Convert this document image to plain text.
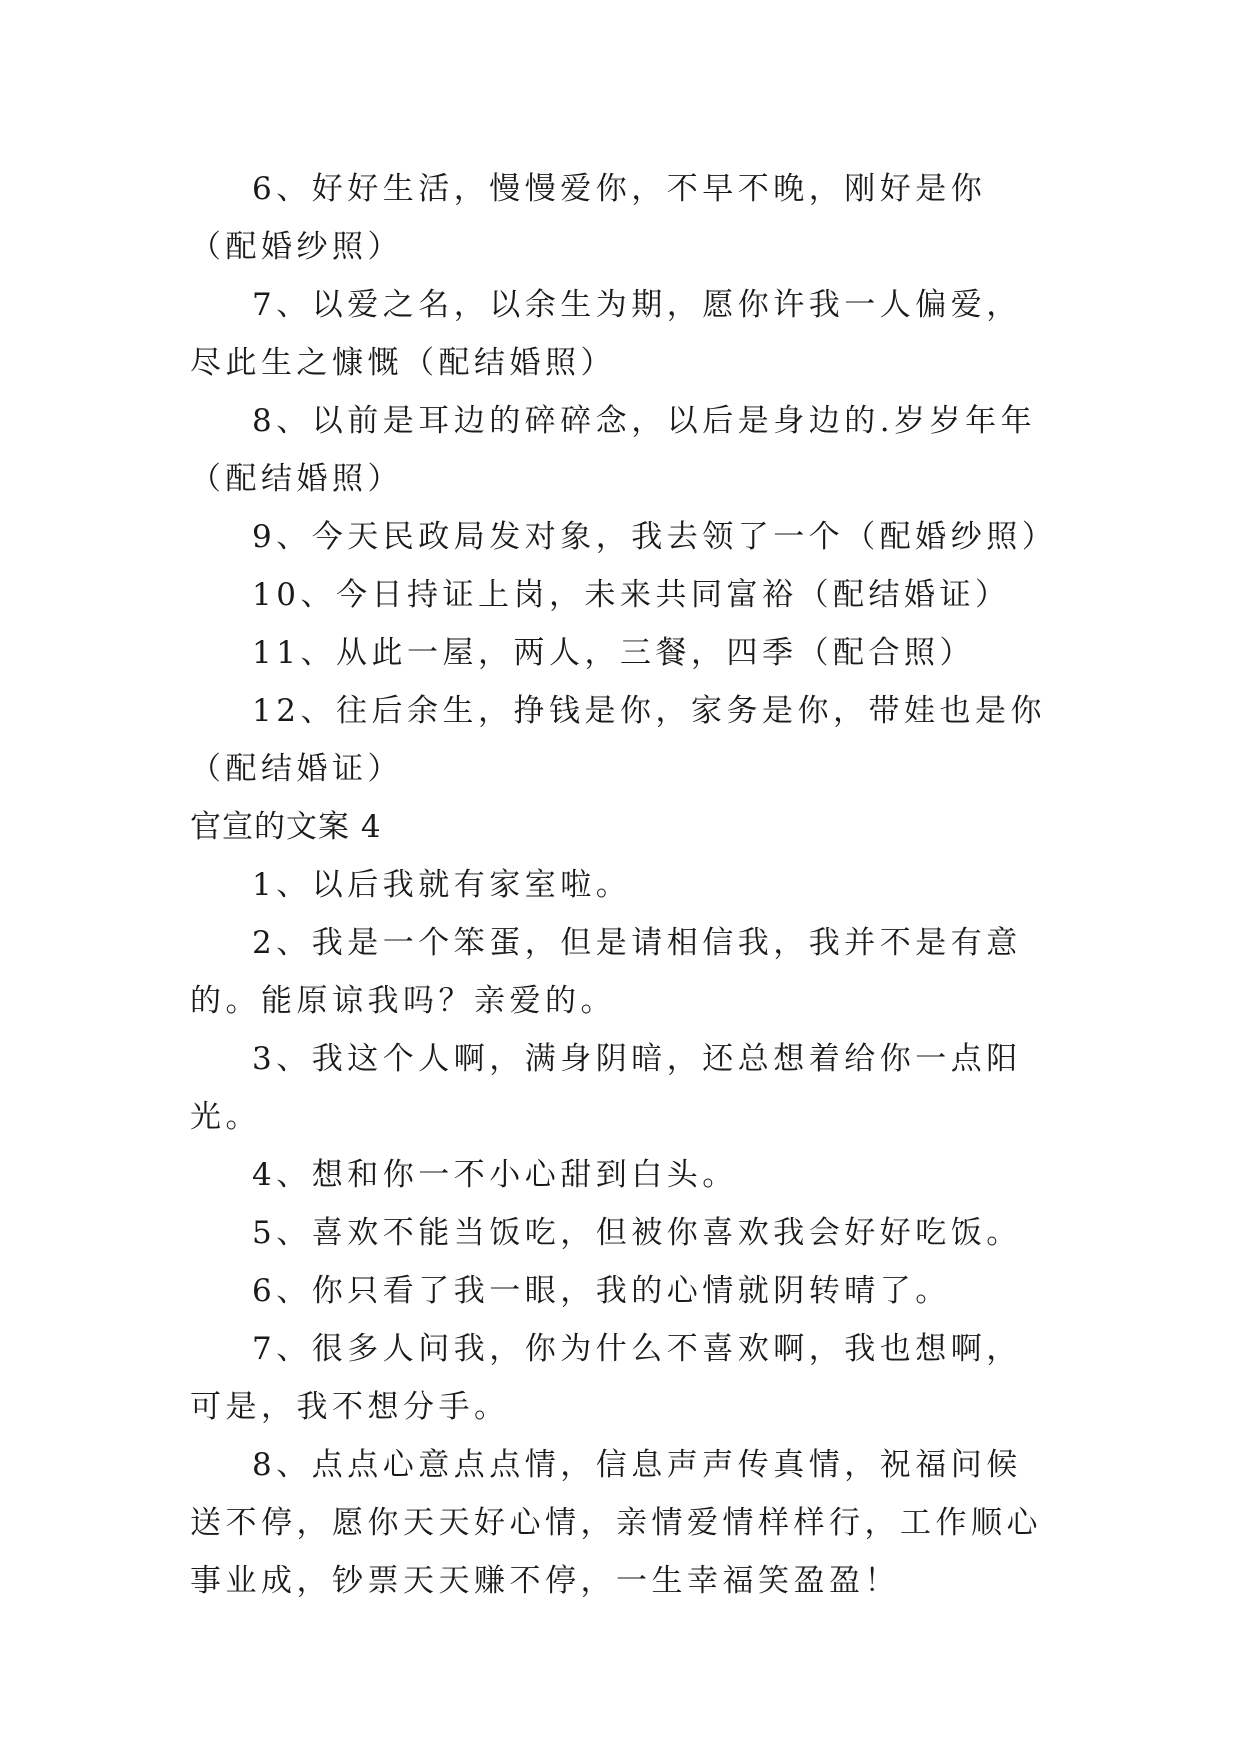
6、好好生活，慢慢爱你，不早不晚，刚好是你（配婚纱照）

7、以爱之名，以余生为期，愿你许我一人偏爱，尽此生之慷慨（配结婚照）

8、以前是耳边的碎碎念，以后是身边的.岁岁年年（配结婚照）

9、今天民政局发对象，我去领了一个（配婚纱照）

10、今日持证上岗，未来共同富裕（配结婚证）

11、从此一屋，两人，三餐，四季（配合照）

12、往后余生，挣钱是你，家务是你，带娃也是你（配结婚证）

官宣的文案 4

1、以后我就有家室啦。

2、我是一个笨蛋，但是请相信我，我并不是有意的。能原谅我吗？亲爱的。

3、我这个人啊，满身阴暗，还总想着给你一点阳光。

4、想和你一不小心甜到白头。

5、喜欢不能当饭吃，但被你喜欢我会好好吃饭。

6、你只看了我一眼，我的心情就阴转晴了。

7、很多人问我，你为什么不喜欢啊，我也想啊，可是，我不想分手。

8、点点心意点点情，信息声声传真情，祝福问候送不停，愿你天天好心情，亲情爱情样样行，工作顺心事业成，钞票天天赚不停，一生幸福笑盈盈！
